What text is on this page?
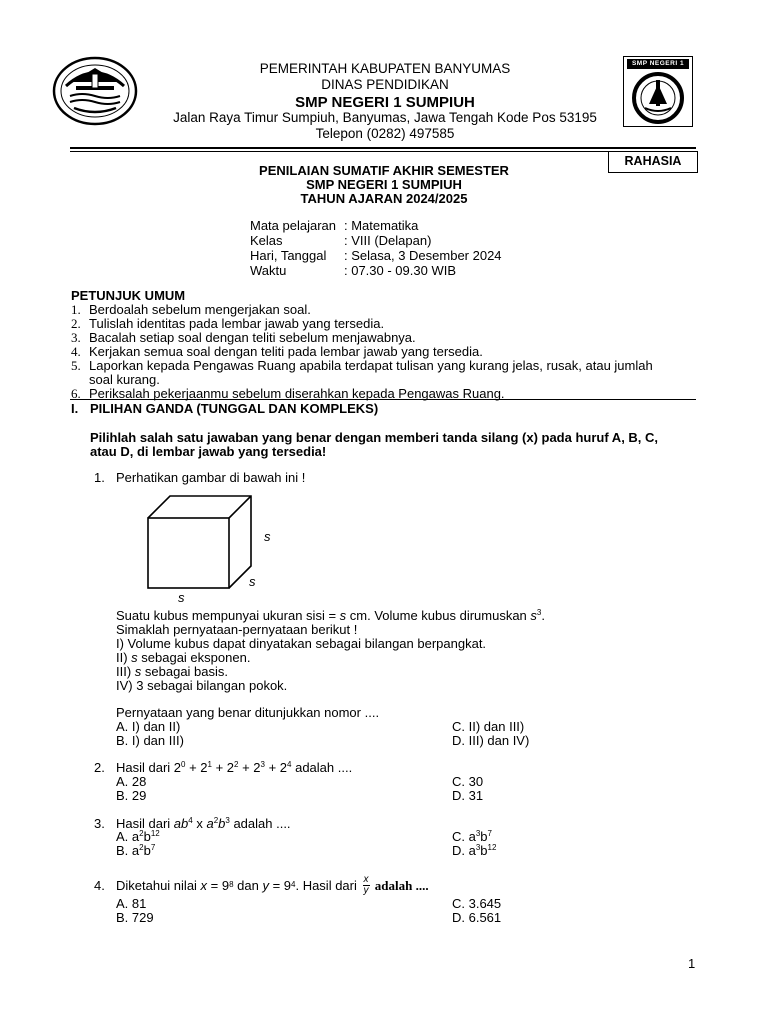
PEMERINTAH KABUPATEN BANYUMAS
DINAS PENDIDIKAN
SMP NEGERI 1 SUMPIUH
Jalan Raya Timur Sumpiuh, Banyumas, Jawa Tengah Kode Pos 53195
Telepon (0282) 497585
SMP NEGERI 1
RAHASIA
PENILAIAN SUMATIF AKHIR SEMESTER
SMP NEGERI 1 SUMPIUH
TAHUN AJARAN 2024/2025
Mata pelajaran : Matematika
Kelas	: VIII (Delapan)
Hari, Tanggal	: Selasa, 3 Desember 2024
Waktu	: 07.30 - 09.30 WIB
PETUNJUK UMUM
1. Berdoalah sebelum mengerjakan soal.
2. Tulislah identitas pada lembar jawab yang tersedia.
3. Bacalah setiap soal dengan teliti sebelum menjawabnya.
4. Kerjakan semua soal dengan teliti pada lembar jawab yang tersedia.
5. Laporkan kepada Pengawas Ruang apabila terdapat tulisan yang kurang jelas, rusak, atau jumlah
soal kurang.
6. Periksalah pekerjaanmu sebelum diserahkan kepada Pengawas Ruang.
I. PILIHAN GANDA (TUNGGAL DAN KOMPLEKS)
Pilihlah salah satu jawaban yang benar dengan memberi tanda silang (x) pada huruf A, B, C,
atau D, di lembar jawab yang tersedia!
1. Perhatikan gambar di bawah ini !
s
s
s
Suatu kubus mempunyai ukuran sisi = s cm. Volume kubus dirumuskan $s^3$.
Simaklah pernyataan-pernyataan berikut !
I) Volume kubus dapat dinyatakan sebagai bilangan berpangkat.
II) s sebagai eksponen.
III) s sebagai basis.
IV) 3 sebagai bilangan pokok.
Pernyataan yang benar ditunjukkan nomor ....
A. I) dan II)
B. I) dan III)
C. II) dan III)
D. III) dan IV)
2. Hasil dari $2^0 + 2^1 + 2^2 + 2^3 + 2^4$ adalah ....
A. 28
B. 29
C. 30
D. 31
3. Hasil dari $ab^4$ x $a^2b^3$ adalah ....
A. $a^2b^{12}$
B. $a^2b^7$
C. $a^3b^7$
D. $a^3b^{12}$
4. Diketahui nilai x = 9 8 dan y = 9 4 . Hasil dari $\frac{x}{y}$ adalah ....
A. 81
B. 729
C. 3.645
D. 6.561
1
